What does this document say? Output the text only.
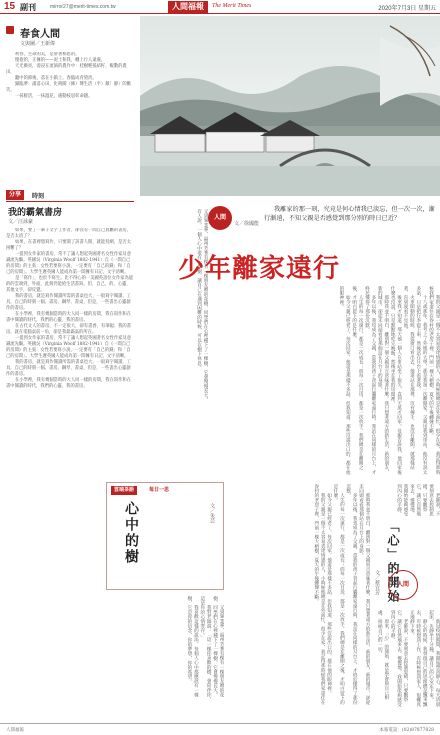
15 副刊	mirror27@merit-times.com.tw	人間福報	The Merit Times	2020年7月3日 星期五
春食人間
文與圖／王新偉

初春，生命的美，是帶著相思的。

懷抱的，正擁的——泥土和我，纏上行人遠處。

天光漸亮，漫浸在流淌的農作中：桂樹輕搖結籽，椒數的農田，

聽中的節後，落在小鎮上。春臨成青黛淡。

歸臨夢：滿落心田，化夠閥（飾）聲生活（平）鎮！靜）的歡笑。

一抹鮮活，一抹溫花，處動枝思彰命題。

分享	時刻
我的霸氣書房
文／汪詠豪

如果，要了一輩子文字工作者，卻沒有一間自己真屬的書房，是否太清了？

如果，在書裡想寫作，只要開了該書人閒，就能投網，是否太困難了？

一提到女作家的書房，常不了讓人想起英國著名女性作家及意識流先驅。英國吳（Virginia Woolf 1882-1941）自《一間自己的房間》的主張：女性若要寫小說，一定要有「自己的錢」和「自己的房間」。大學生遲英國人能成為第一間擁有日記，文字清晰。

是「寫作」，也於不寫生。比不得心的一美國英語位女作家為能的的雲端到，外面，此刻仍能給生活書寫。但，自己，的，心靈，其他文字，卻反覺。

我的書房，就是寫作閱讀所需的書桌也大，一般寫字閱讀，工具，自己的時刻一個。書房，鋼琴、書桌，但是，一些書出心靈創作的書房。

在小學裡，我有幾個當時的大人同一樣的房間，我在寫作和在書中閱讀的時代，我們的心靈，我的書房。

在古代文人的書房，不一定很大，卻有書香，有筆硯；我的書房，就在電腦桌前一角，卻是我最霸氣的所在。

一提到女作家的書房，常不了讓人想起英國著名女性作家及意識流先驅。英國吳（Virginia Woolf 1882-1941）自《一間自己的房間》的主張：女性若要寫小說，一定要有「自己的錢」和「自己的房間」。大學生遲英國人能成為第一間擁有日記，文字清晰。

我的書房，就是寫作閱讀所需的書桌也大，一般寫字閱讀，工具，自己的時刻一個。書房，鋼琴、書桌，但是，一些書出心靈創作的書房。

在小學裡，我有幾個當時的大人同一樣的房間，我在寫作和在書中閱讀的時代，我們的心靈，我的書房。	又到畢業季，福州芳華有棵有一棵朋友贈的花樹，同學們在心裡種下了一棵樹，它會慢慢長大。

有人說，一個人心中要有一棵樹，讓自己在遇到困難的時候，可以在樹下休息。	人間
文／徐國能

我離家的那一刻，究竟是何心情我已淡忘，但一次一次，漸行漸遠，不知父親是否感覺到那分別的時日已近？

少年離家遠行

我的父親是一個不太容易表達情感的人，小時候他總是在外面忙，很少在家，我記得那時候我們家還住在眷村的老房子裡，門前一棵大榕樹，夏天的午後蟬聲不斷。

十八歲那年，我考上了外地的大學，那是我第一次離開家。父親送我到車站，他沒有說太多話，只是把行李提上車，然後站在月台上看著我。

火車開動的時候，我從窗口看出去，他還站在那裡，沒有揮手，也沒有離開，就那樣站著，直到我看不見他。

後來我才知道，那天他一個人在車站坐了很久，直到天黑才回家。母親告訴我，他回家後什麼也沒說，只是默默地吃完晚飯，然後坐在我的房間裡。

那時我並不明白，離別對一個父親而言意味著什麼。我只想著遠方的新生活，新的朋友，新的城市，卻從未回頭看看那個站在月台上的身影。

多年以後，我也成為了父親，當我的孩子背起行囊離家遠行時，我站在同樣的月台上，才終於懂得了那份沉默。

人生的每一次遠行，都是一次成長；而每一次目送，都是一次放手。我們總是在離開之後，才明白留下的是什麼。

如今父親已經老了，每次回家，他還是那樣不多話，但我知道，那些沒說出口的，都在他的眼神裡。

雲端茶語	每日一思
心中的樹	文／朱芸

又到畢業季，福州芳華有棵有一棵朋友贈的花樹，同學們在心裡種下了一棵樹，它會慢慢長大。

我對老師說：「這一棵你喜歡的樹，會陪伴你，這是你的心情寄存。」

我喜歡這樣的說法，每個人心中都應該有一棵樹，它是你的信念，你的夢想，你的希望。	那時我並不明白，離別對一個父親而言意味著什麼。我只想著遠方的新生活，新的朋友，新的城市，卻從未回頭看看那個站在月台上的身影。

多年以後，我也成為了父親，當我的孩子背起行囊離家遠行時，我站在同樣的月台上，才終於懂得了那份沉默。

人生的每一次遠行，都是一次成長；而每一次目送，都是一次放手。我們總是在離開之後，才明白留下的是什麼。

如今父親已經老了，每次回家，他還是那樣不多話，但我知道，那些沒說出口的，都在他的眼神裡。

我的父親是一個不太容易表達情感的人，小時候他總是在外面忙，很少在家，我記得那時候我們家還住在眷村的老房子裡，門前一棵大榕樹，夏天的午後蟬聲不斷。	「心」的開始
文／蔡宜芳	人間

新冠疫情期間，我開始學習靜心，每天清晨起床，先靜坐十分鐘，讓自己的心安定下來。

靜心的時候，我發現自己的思緒總是飄來飄去，有時候想到工作，有時候想到家人，很難真正地靜下來。

老師說，不要刻意去控制思緒，只要觀察它，讓它自然地來去。慢慢地，我開始能夠感受到內心的平靜。

原來，「心」的開始，就是學會與自己相處，接納自己的一切。

老師說，不要刻意去控制思緒，只要觀察它，讓它自然地來去。慢慢地，我開始能夠感受到內心的平靜。

人間福報	本報電話：(02)87877828
